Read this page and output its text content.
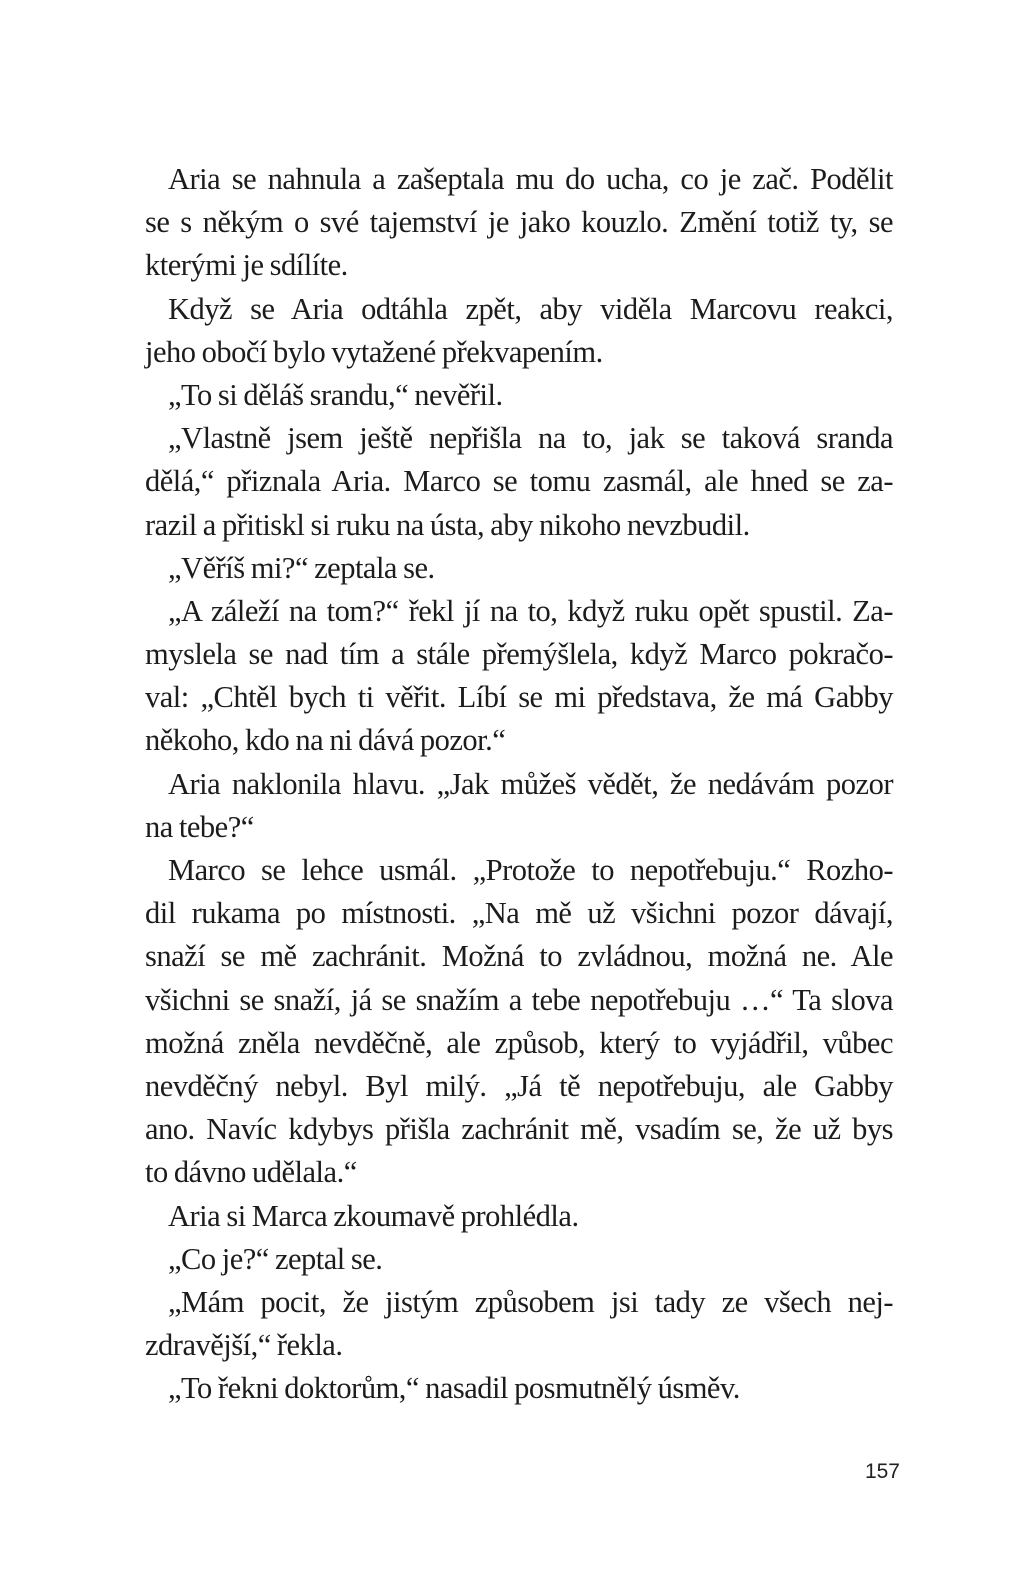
Aria se nahnula a zašeptala mu do ucha, co je zač. Podělit
se s někým o své tajemství je jako kouzlo. Změní totiž ty, se
kterými je sdílíte.
Když se Aria odtáhla zpět, aby viděla Marcovu reakci,
jeho obočí bylo vytažené překvapením.
„To si děláš srandu,“ nevěřil.
„Vlastně jsem ještě nepřišla na to, jak se taková sranda
dělá,“ přiznala Aria. Marco se tomu zasmál, ale hned se za-
razil a přitiskl si ruku na ústa, aby nikoho nevzbudil.
„Věříš mi?“ zeptala se.
„A záleží na tom?“ řekl jí na to, když ruku opět spustil. Za-
myslela se nad tím a stále přemýšlela, když Marco pokračo-
val: „Chtěl bych ti věřit. Líbí se mi představa, že má Gabby
někoho, kdo na ni dává pozor.“
Aria naklonila hlavu. „Jak můžeš vědět, že nedávám pozor
na tebe?“
Marco se lehce usmál. „Protože to nepotřebuju.“ Rozho-
dil rukama po místnosti. „Na mě už všichni pozor dávají,
snaží se mě zachránit. Možná to zvládnou, možná ne. Ale
všichni se snaží, já se snažím a tebe nepotřebuju …“ Ta slova
možná zněla nevděčně, ale způsob, který to vyjádřil, vůbec
nevděčný nebyl. Byl milý. „Já tě nepotřebuju, ale Gabby
ano. Navíc kdybys přišla zachránit mě, vsadím se, že už bys
to dávno udělala.“
Aria si Marca zkoumavě prohlédla.
„Co je?“ zeptal se.
„Mám pocit, že jistým způsobem jsi tady ze všech nej-
zdravější,“ řekla.
„To řekni doktorům,“ nasadil posmutnělý úsměv.
157
